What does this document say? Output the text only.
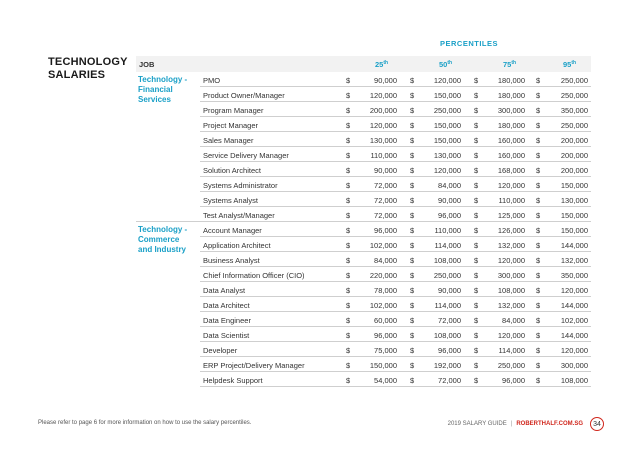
TECHNOLOGY
SALARIES
PERCENTILES
JOB	25th	50th	75th	95th
Technology -
Financial
Services
PMO	$	90,000 $	120,000 $	180,000 $	250,000
Product Owner/Manager	$	120,000 $	150,000 $	180,000 $	250,000
Program Manager	$	200,000 $	250,000 $	300,000 $	350,000
Project Manager	$	120,000 $	150,000 $	180,000 $	250,000
Sales Manager	$	130,000 $	150,000 $	160,000 $	200,000
Service Delivery Manager	$	110,000 $	130,000 $	160,000 $	200,000
Solution Architect	$	90,000 $	120,000 $	168,000 $	200,000
Systems Administrator	$	72,000 $	84,000 $	120,000 $	150,000
Systems Analyst	$	72,000 $	90,000 $	110,000 $	130,000
Test Analyst/Manager	$	72,000 $	96,000 $	125,000 $	150,000
Technology -
Commerce
and Industry
Account Manager	$	96,000 $	110,000 $	126,000 $	150,000
Application Architect	$	102,000 $	114,000 $	132,000 $	144,000
Business Analyst	$	84,000 $	108,000 $	120,000 $	132,000
Chief Information Officer (CIO)	$	220,000 $	250,000 $	300,000 $	350,000
Data Analyst	$	78,000 $	90,000 $	108,000 $	120,000
Data Architect	$	102,000 $	114,000 $	132,000 $	144,000
Data Engineer	$	60,000 $	72,000 $	84,000 $	102,000
Data Scientist	$	96,000 $	108,000 $	120,000 $	144,000
Developer	$	75,000 $	96,000 $	114,000 $	120,000
ERP Project/Delivery Manager	$	150,000 $	192,000 $	250,000 $	300,000
Helpdesk Support	$	54,000 $	72,000 $	96,000 $	108,000
Please refer to page 6 for more information on how to use the salary percentiles.	2019 SALARY GUIDE | ROBERTHALF.COM.SG	34
